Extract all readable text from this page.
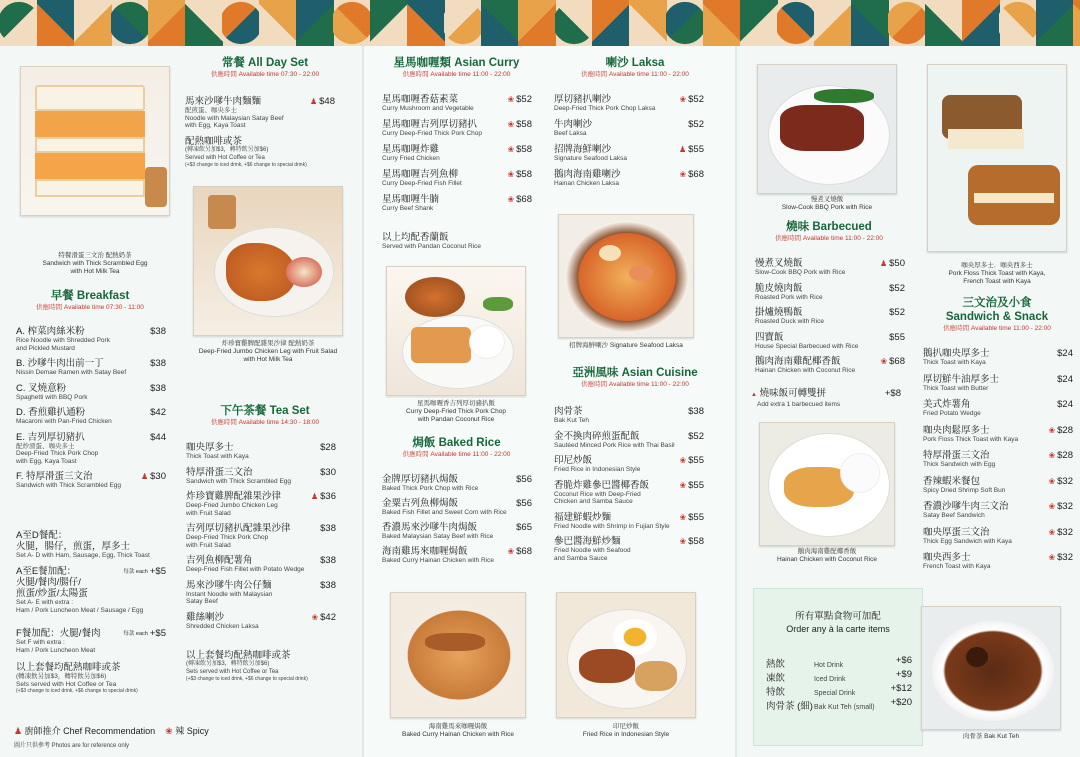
特餐滑蛋三文治 配熱奶茶
Sandwich with Thick Scrambled Egg
with Hot Milk Tea
早餐 Breakfast
供應時間 Available time 07:30 - 11:00
A. 榨菜肉絲米粉
Rice Noodle with Shredded Pork
and Pickled Mustard
$38
B. 沙嗲牛肉出前一丁
Nissin Demae Ramen with Satay Beef
$38
C. 叉燒意粉
Spaghetti with BBQ Pork
$38
D. 香煎雞扒通粉
Macaroni with Pan-Fried Chicken
$42
E. 吉列厚切豬扒
配炒滑蛋、咖央多士
Deep-Fried Thick Pork Chop
with Egg, Kaya Toast
$44
F. 特厚滑蛋三文治
Sandwich with Thick Scrambled Egg
♟ $30
A至D餐配：
火腿，腸仔，煎蛋，厚多士
Set A- D with Ham, Sausage, Egg, Thick Toast
A至E餐加配：
火腿/餐肉/腸仔/
煎蛋/炒蛋/太陽蛋
Set A- E with extra :
Ham / Pork Luncheon Meat / Sausage / Egg
每款 each +$5
F餐加配：火腿/餐肉
Set F with extra :
Ham / Pork Luncheon Meat
每款 each +$5
以上套餐均配熱咖啡或茶
(轉凍飲另加$3，轉特飲另加$6)
Sets served with Hot Coffee or Tea
(+$3 change to iced drink, +$6 change to special drink)
常餐 All Day Set
供應時間 Available time 07:30 - 22:00
馬來沙嗲牛肉麵麵
配煎蛋、咖央多士
Noodle with Malaysian Satay Beef
with Egg, Kaya Toast
♟ $48
配熱咖啡或茶
(轉凍飲另加$3，轉特飲另加$6)
Served with Hot Coffee or Tea
(+$3 change to iced drink, +$6 change to special drink)
炸珍寶雞脾配雜果沙律 配熱奶茶
Deep-Fried Jumbo Chicken Leg with Fruit Salad
with Hot Milk Tea
下午茶餐 Tea Set
供應時間 Available time 14:30 - 18:00
咖央厚多士
Thick Toast with Kaya
$28
特厚滑蛋三文治
Sandwich with Thick Scrambled Egg
$30
炸珍寶雞脾配雜果沙律
Deep-Fried Jumbo Chicken Leg
with Fruit Salad
♟ $36
吉列厚切豬扒配雜果沙律
Deep-Fried Thick Pork Chop
with Fruit Salad
$38
吉列魚柳配薯角
Deep-Fried Fish Fillet with Potato Wedge
$38
馬來沙嗲牛肉公仔麵
Instant Noodle with Malaysian
Satay Beef
$38
雞絲喇沙
Shredded Chicken Laksa
❀ $42
以上套餐均配熱咖啡或茶
(轉凍飲另加$3，轉特飲另加$6)
Sets served with Hot Coffee or Tea
(+$3 change to iced drink, +$6 change to special drink)
♟ 廚師推介 Chef Recommendation ❀ 辣 Spicy
圖片只供參考 Photos are for reference only
星馬咖喱類 Asian Curry
供應時間 Available time 11:00 - 22:00
星馬咖喱香菇素菜
Curry Mushroom and Vegetable
❀ $52
星馬咖喱吉列厚切豬扒
Curry Deep-Fried Thick Pork Chop
❀ $58
星馬咖喱炸雞
Curry Fried Chicken
❀ $58
星馬咖喱吉列魚柳
Curry Deep-Fried Fish Fillet
❀ $58
星馬咖喱牛腩
Curry Beef Shank
❀ $68
以上均配香蘭飯
Served with Pandan Coconut Rice
星馬咖喱香吉列厚切豬扒飯
Curry Deep-Fried Thick Pork Chop
with Pandan Coconut Rice
焗飯 Baked Rice
供應時間 Available time 11:00 - 22:00
金牌厚切豬扒焗飯
Baked Thick Pork Chop with Rice
$56
金粟吉列魚柳焗飯
Baked Fish Fillet and Sweet Corn with Rice
$56
香濃馬來沙嗲牛肉焗飯
Baked Malaysian Satay Beef with Rice
$65
海南雞馬來咖喱焗飯
Baked Curry Hainan Chicken with Rice
❀ $68
海南雞馬來咖喱焗飯
Baked Curry Hainan Chicken with Rice
喇沙 Laksa
供應時間 Available time 11:00 - 22:00
厚切豬扒喇沙
Deep-Fried Thick Pork Chop Laksa
❀ $52
牛肉喇沙
Beef Laksa
$52
招牌海鮮喇沙
Signature Seafood Laksa
♟ $55
鵝肉海南雞喇沙
Hainan Chicken Laksa
❀ $68
招牌海鮮喇沙 Signature Seafood Laksa
亞洲風味 Asian Cuisine
供應時間 Available time 11:00 - 22:00
肉骨茶
Bak Kut Teh
$38
金不換肉碎煎蛋配飯
Sautéed Minced Pork Rice with Thai Basil
$52
印尼炒飯
Fried Rice in Indonesian Style
❀ $55
香脆炸雞參巴醬椰香飯
Coconut Rice with Deep-Fried
Chicken and Samba Sauce
❀ $55
福建鮮蝦炒麵
Fried Noodle with Shrimp in Fujian Style
❀ $55
參巴醬海鮮炒麵
Fried Noodle with Seafood
and Samba Sauce
❀ $58
印尼炒飯
Fried Rice in Indonesian Style
慢煮叉燒飯
Slow-Cook BBQ Pork with Rice
燒味 Barbecued
供應時間 Available time 11:00 - 22:00
慢煮叉燒飯
Slow-Cook BBQ Pork with Rice
♟ $50
脆皮燒肉飯
Roasted Pork with Rice
$52
掛爐燒鴨飯
Roasted Duck with Rice
$52
四寶飯
House Special Barbecued with Rice
$55
鵝肉海南雞配椰香飯
Hainan Chicken with Coconut Rice
❀ $68
▲ 燒味飯可轉雙拼
Add extra 1 barbecued items
+$8
鵝肉海南雞配椰香飯
Hainan Chicken with Coconut Rice
所有單點食物可加配
Order any à la carte items
熱飲	Hot Drink	+$6
凍飲	Iced Drink	+$9
特飲	Special Drink	+$12
肉骨茶 (細)Bak Kut Teh (small) +$20
咖央厚多士．咖央西多士
Pork Floss Thick Toast with Kaya,
French Toast with Kaya
三文治及小食
Sandwich & Snack
供應時間 Available time 11:00 - 22:00
鵝扒咖央厚多士
Thick Toast with Kaya
$24
厚切鮮牛油厚多士
Thick Toast with Butter
$24
美式炸薯角
Fried Potato Wedge
$24
咖央肉鬆厚多士
Pork Floss Thick Toast with Kaya
❀ $28
特厚滑蛋三文治
Thick Sandwich with Egg
❀ $28
香辣蝦米餐包
Spicy Dried Shrimp Soft Bun
❀ $32
香濃沙嗲牛肉三文治
Satay Beef Sandwich
❀ $32
咖央厚蛋三文治
Thick Egg Sandwich with Kaya
❀ $32
咖央西多士
French Toast with Kaya
❀ $32
肉骨茶 Bak Kut Teh
